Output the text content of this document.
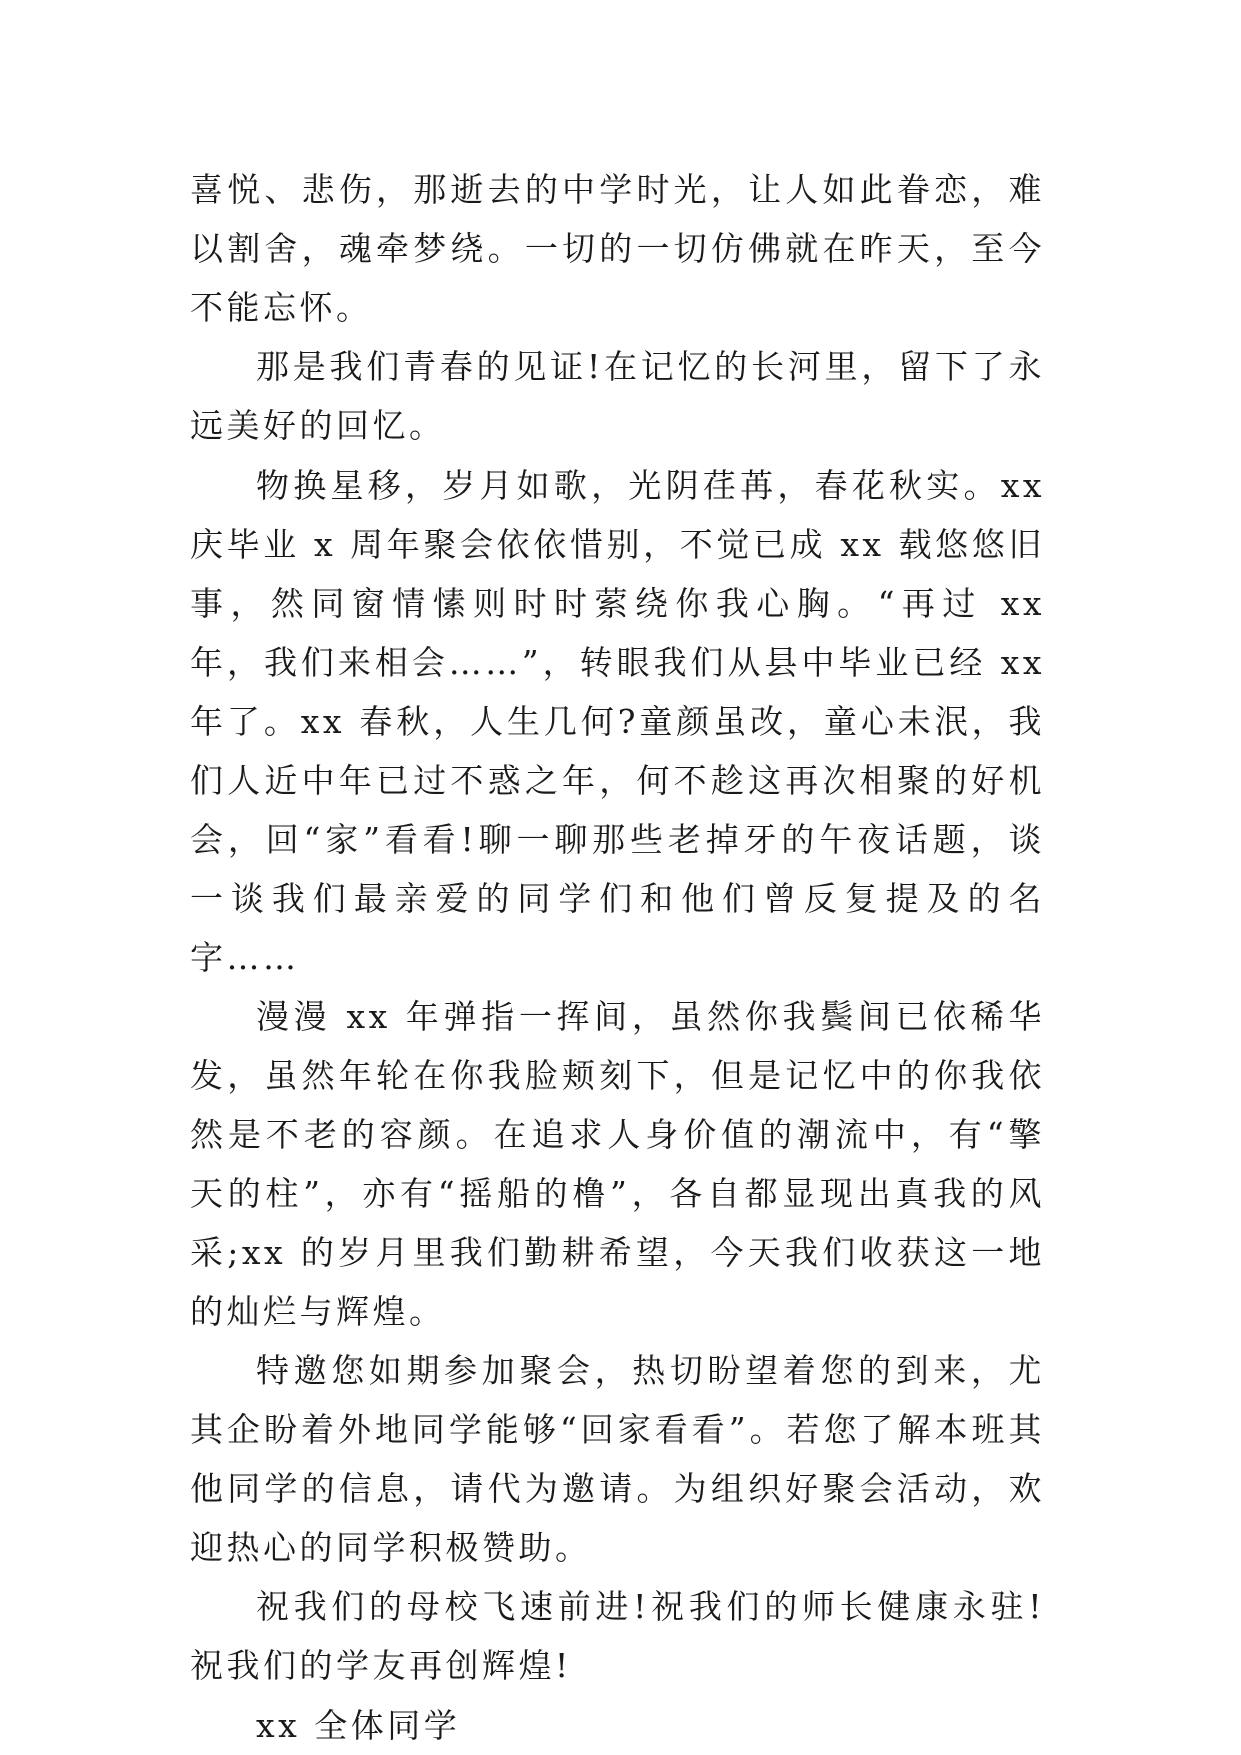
喜悦、悲伤，那逝去的中学时光，让人如此眷恋，难以割舍，魂牵梦绕。一切的一切仿佛就在昨天，至今不能忘怀。

那是我们青春的见证!在记忆的长河里，留下了永远美好的回忆。

物换星移，岁月如歌，光阴荏苒，春花秋实。xx 庆毕业 x 周年聚会依依惜别，不觉已成 xx 载悠悠旧事，然同窗情愫则时时萦绕你我心胸。“再过 xx 年，我们来相会……”，转眼我们从县中毕业已经 xx 年了。xx 春秋，人生几何?童颜虽改，童心未泯，我们人近中年已过不惑之年，何不趁这再次相聚的好机会，回“家”看看!聊一聊那些老掉牙的午夜话题，谈一谈我们最亲爱的同学们和他们曾反复提及的名字……

漫漫 xx 年弹指一挥间，虽然你我鬓间已依稀华发，虽然年轮在你我脸颊刻下，但是记忆中的你我依然是不老的容颜。在追求人身价值的潮流中，有“擎天的柱”，亦有“摇船的橹”，各自都显现出真我的风采;xx 的岁月里我们勤耕希望，今天我们收获这一地的灿烂与辉煌。

特邀您如期参加聚会，热切盼望着您的到来，尤其企盼着外地同学能够“回家看看”。若您了解本班其他同学的信息，请代为邀请。为组织好聚会活动，欢迎热心的同学积极赞助。

祝我们的母校飞速前进!祝我们的师长健康永驻!祝我们的学友再创辉煌!

xx 全体同学
